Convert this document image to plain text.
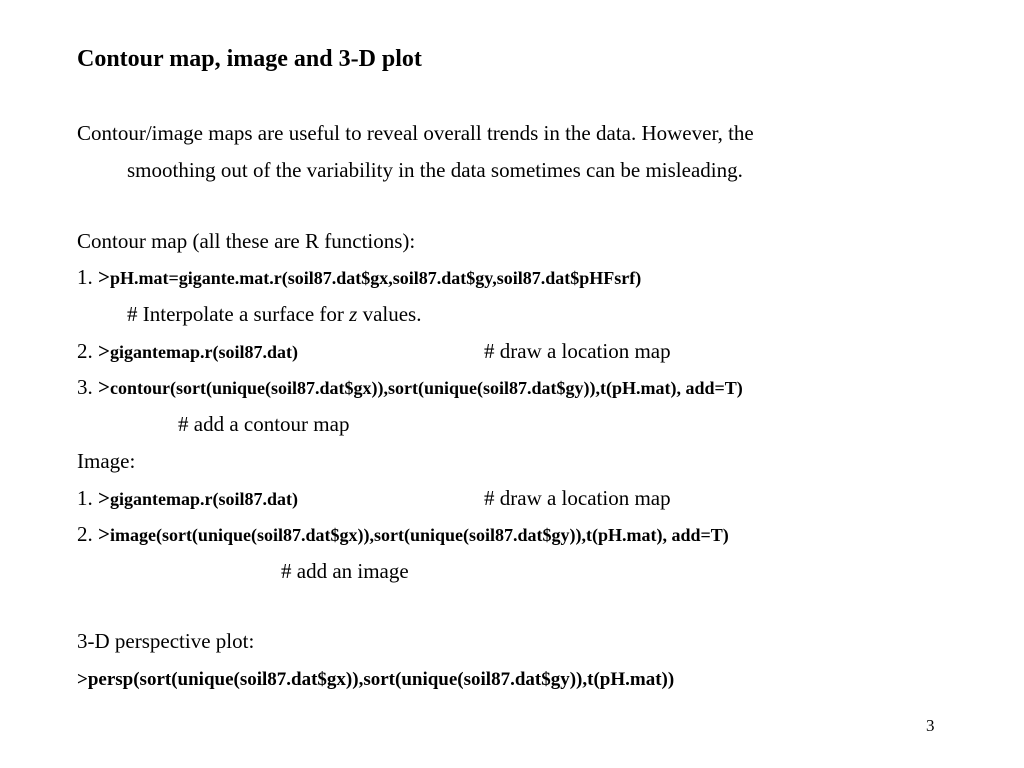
Contour map, image and 3-D plot
Contour/image maps are useful to reveal overall trends in the data. However, the
smoothing out of the variability in the data sometimes can be misleading.
Contour map (all these are R functions):
1. >pH.mat=gigante.mat.r(soil87.dat$gx,soil87.dat$gy,soil87.dat$pHFsrf)
# Interpolate a surface for z values.
2. >gigantemap.r(soil87.dat)	# draw a location map
3. >contour(sort(unique(soil87.dat$gx)),sort(unique(soil87.dat$gy)),t(pH.mat), add=T)
# add a contour map
Image:
1. >gigantemap.r(soil87.dat)	# draw a location map
2. >image(sort(unique(soil87.dat$gx)),sort(unique(soil87.dat$gy)),t(pH.mat), add=T)
# add an image
3-D perspective plot:
>persp(sort(unique(soil87.dat$gx)),sort(unique(soil87.dat$gy)),t(pH.mat))
3
